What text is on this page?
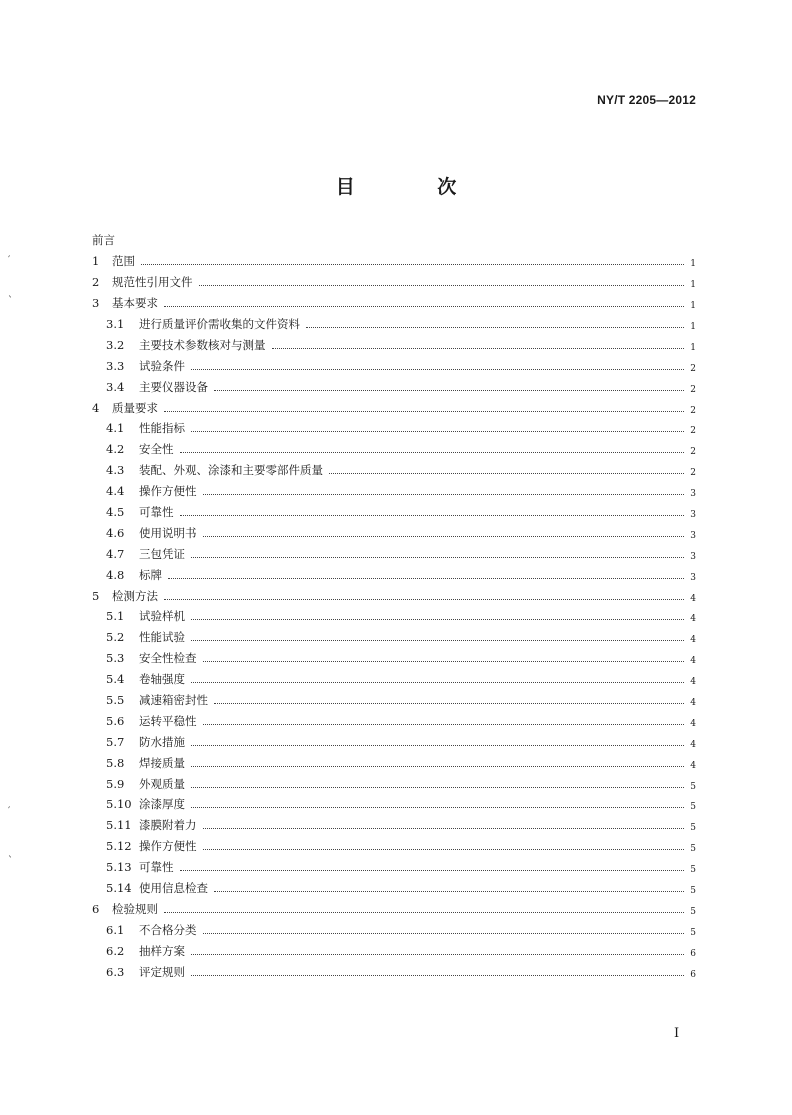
NY/T 2205—2012
目 次
前言
1	范围	1
2	规范性引用文件	1
3	基本要求	1
3.1	进行质量评价需收集的文件资料	1
3.2	主要技术参数核对与测量	1
3.3	试验条件	2
3.4	主要仪器设备	2
4	质量要求	2
4.1	性能指标	2
4.2	安全性	2
4.3	装配、外观、涂漆和主要零部件质量	2
4.4	操作方便性	3
4.5	可靠性	3
4.6	使用说明书	3
4.7	三包凭证	3
4.8	标牌	3
5	检测方法	4
5.1	试验样机	4
5.2	性能试验	4
5.3	安全性检查	4
5.4	卷轴强度	4
5.5	减速箱密封性	4
5.6	运转平稳性	4
5.7	防水措施	4
5.8	焊接质量	4
5.9	外观质量	5
5.10 涂漆厚度	5
5.11 漆膜附着力	5
5.12 操作方便性	5
5.13 可靠性	5
5.14 使用信息检查	5
6	检验规则	5
6.1	不合格分类	5
6.2	抽样方案	6
6.3	评定规则	6
I
′
`
′
`
